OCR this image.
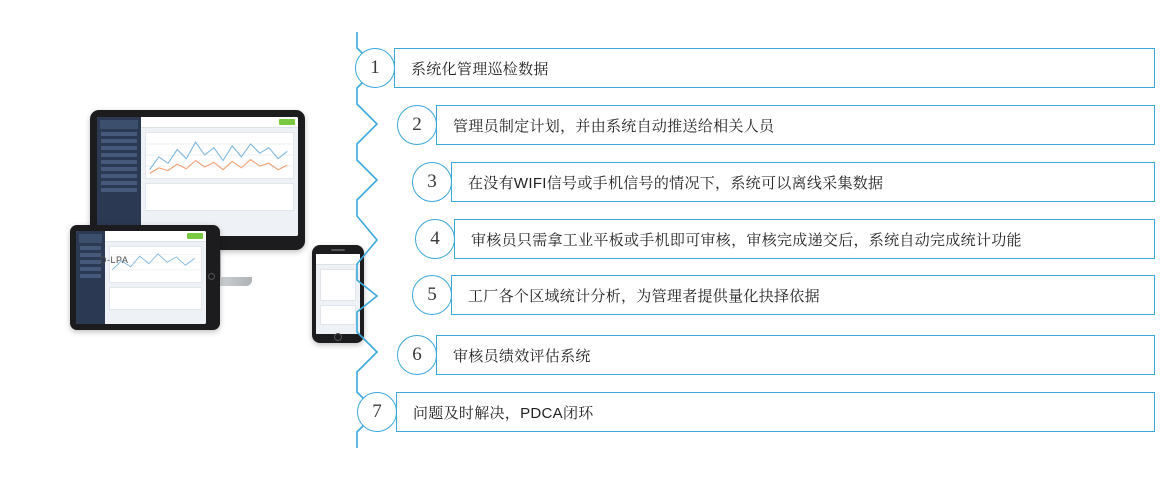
D-LPA
1	系统化管理巡检数据
2	管理员制定计划，并由系统自动推送给相关人员
3	在没有WIFI信号或手机信号的情况下，系统可以离线采集数据
4	审核员只需拿工业平板或手机即可审核，审核完成递交后，系统自动完成统计功能
5	工厂各个区域统计分析，为管理者提供量化抉择依据
6	审核员绩效评估系统
7	问题及时解决，PDCA闭环
